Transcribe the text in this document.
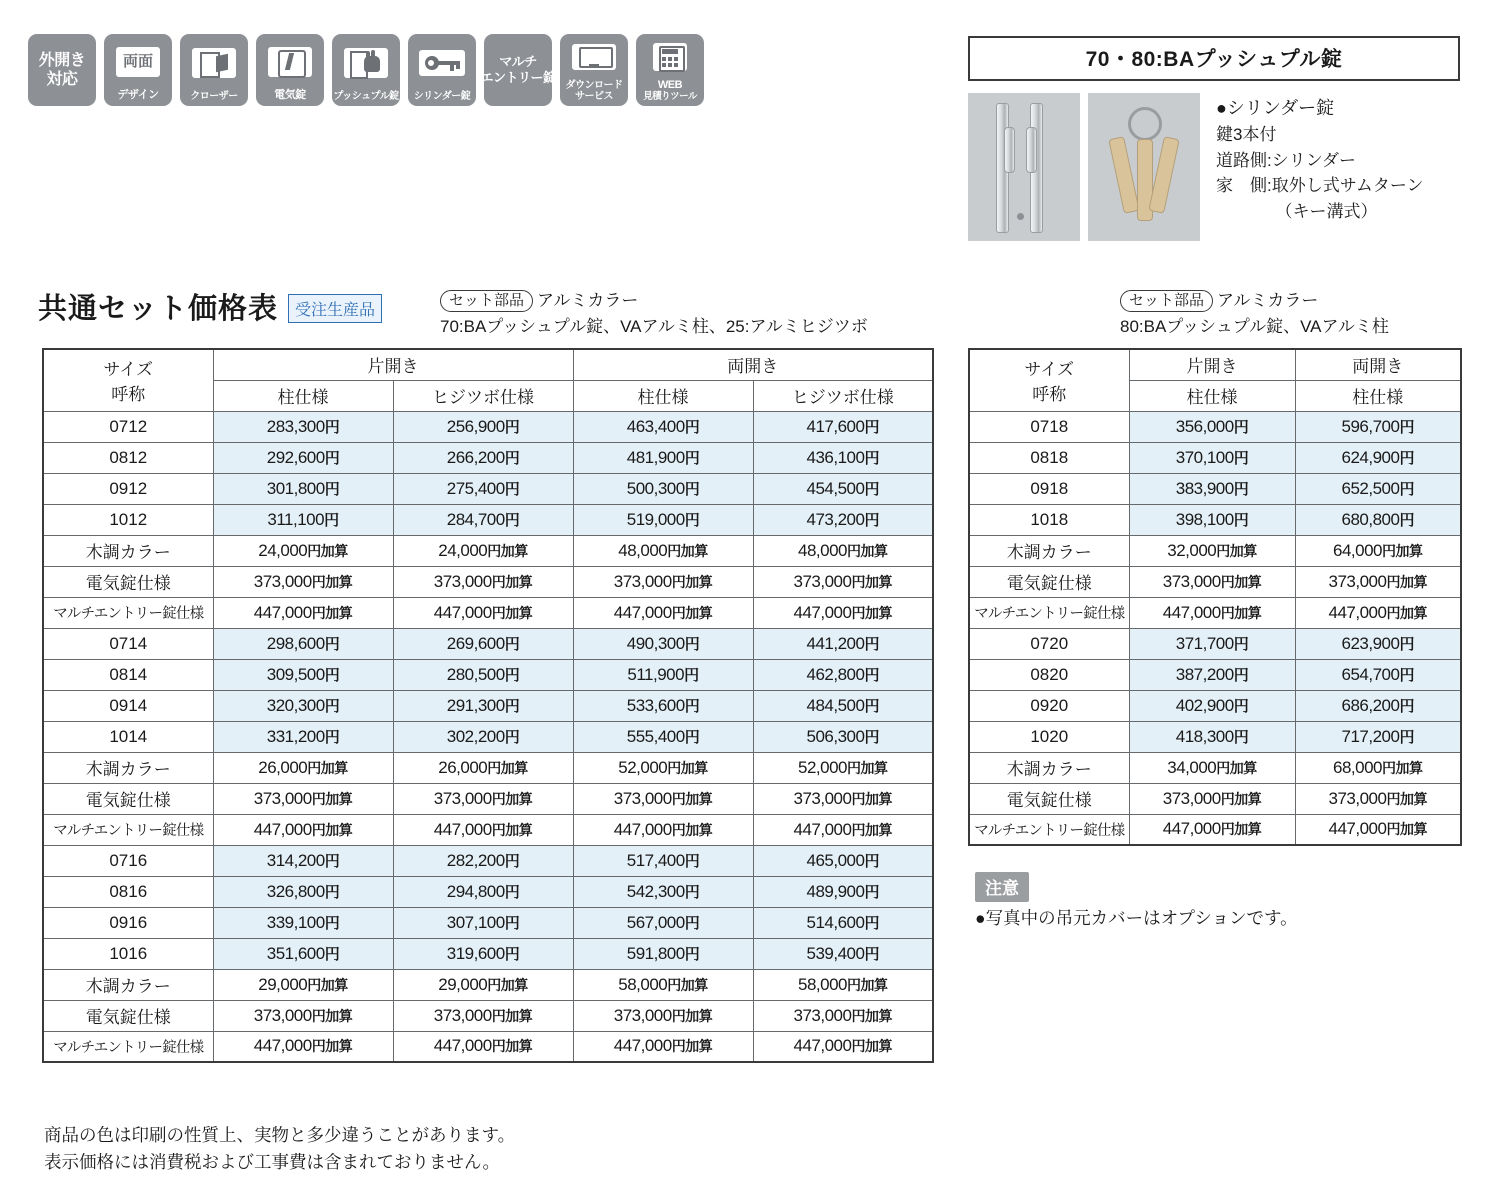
外開き
対応
両面
デザイン	クローザー	電気錠	プッシュプル錠 シリンダー錠
マルチ
エントリー錠
ダウンロード
サービス
WEB
見積りツール
70・80:BAプッシュプル錠
●シリンダー錠
鍵3本付
道路側:シリンダー
家　側:取外し式サムターン
　　　　（キー溝式）
共通セット価格表	受注生産品
セット部品 アルミカラー
70:BAプッシュプル錠、VAアルミ柱、25:アルミヒジツボ
セット部品 アルミカラー
80:BAプッシュプル錠、VAアルミ柱
サイズ
呼称	片開き		両開き	
	柱仕様	ヒジツボ仕様	柱仕様	ヒジツボ仕様
0712	283,300円	256,900円	463,400円	417,600円
0812	292,600円	266,200円	481,900円	436,100円
0912	301,800円	275,400円	500,300円	454,500円
1012	311,100円	284,700円	519,000円	473,200円
木調カラー	24,000円加算	24,000円加算	48,000円加算	48,000円加算
電気錠仕様	373,000円加算	373,000円加算	373,000円加算	373,000円加算
マルチエントリー錠仕様	447,000円加算	447,000円加算	447,000円加算	447,000円加算
0714	298,600円	269,600円	490,300円	441,200円
0814	309,500円	280,500円	511,900円	462,800円
0914	320,300円	291,300円	533,600円	484,500円
1014	331,200円	302,200円	555,400円	506,300円
木調カラー	26,000円加算	26,000円加算	52,000円加算	52,000円加算
電気錠仕様	373,000円加算	373,000円加算	373,000円加算	373,000円加算
マルチエントリー錠仕様	447,000円加算	447,000円加算	447,000円加算	447,000円加算
0716	314,200円	282,200円	517,400円	465,000円
0816	326,800円	294,800円	542,300円	489,900円
0916	339,100円	307,100円	567,000円	514,600円
1016	351,600円	319,600円	591,800円	539,400円
木調カラー	29,000円加算	29,000円加算	58,000円加算	58,000円加算
電気錠仕様	373,000円加算	373,000円加算	373,000円加算	373,000円加算
マルチエントリー錠仕様	447,000円加算	447,000円加算	447,000円加算	447,000円加算
サイズ
呼称	片開き	両開き
	柱仕様	柱仕様
0718	356,000円	596,700円
0818	370,100円	624,900円
0918	383,900円	652,500円
1018	398,100円	680,800円
木調カラー	32,000円加算	64,000円加算
電気錠仕様	373,000円加算	373,000円加算
マルチエントリー錠仕様	447,000円加算	447,000円加算
0720	371,700円	623,900円
0820	387,200円	654,700円
0920	402,900円	686,200円
1020	418,300円	717,200円
木調カラー	34,000円加算	68,000円加算
電気錠仕様	373,000円加算	373,000円加算
マルチエントリー錠仕様	447,000円加算	447,000円加算
注意
●写真中の吊元カバーはオプションです。
商品の色は印刷の性質上、実物と多少違うことがあります。
表示価格には消費税および工事費は含まれておりません。
